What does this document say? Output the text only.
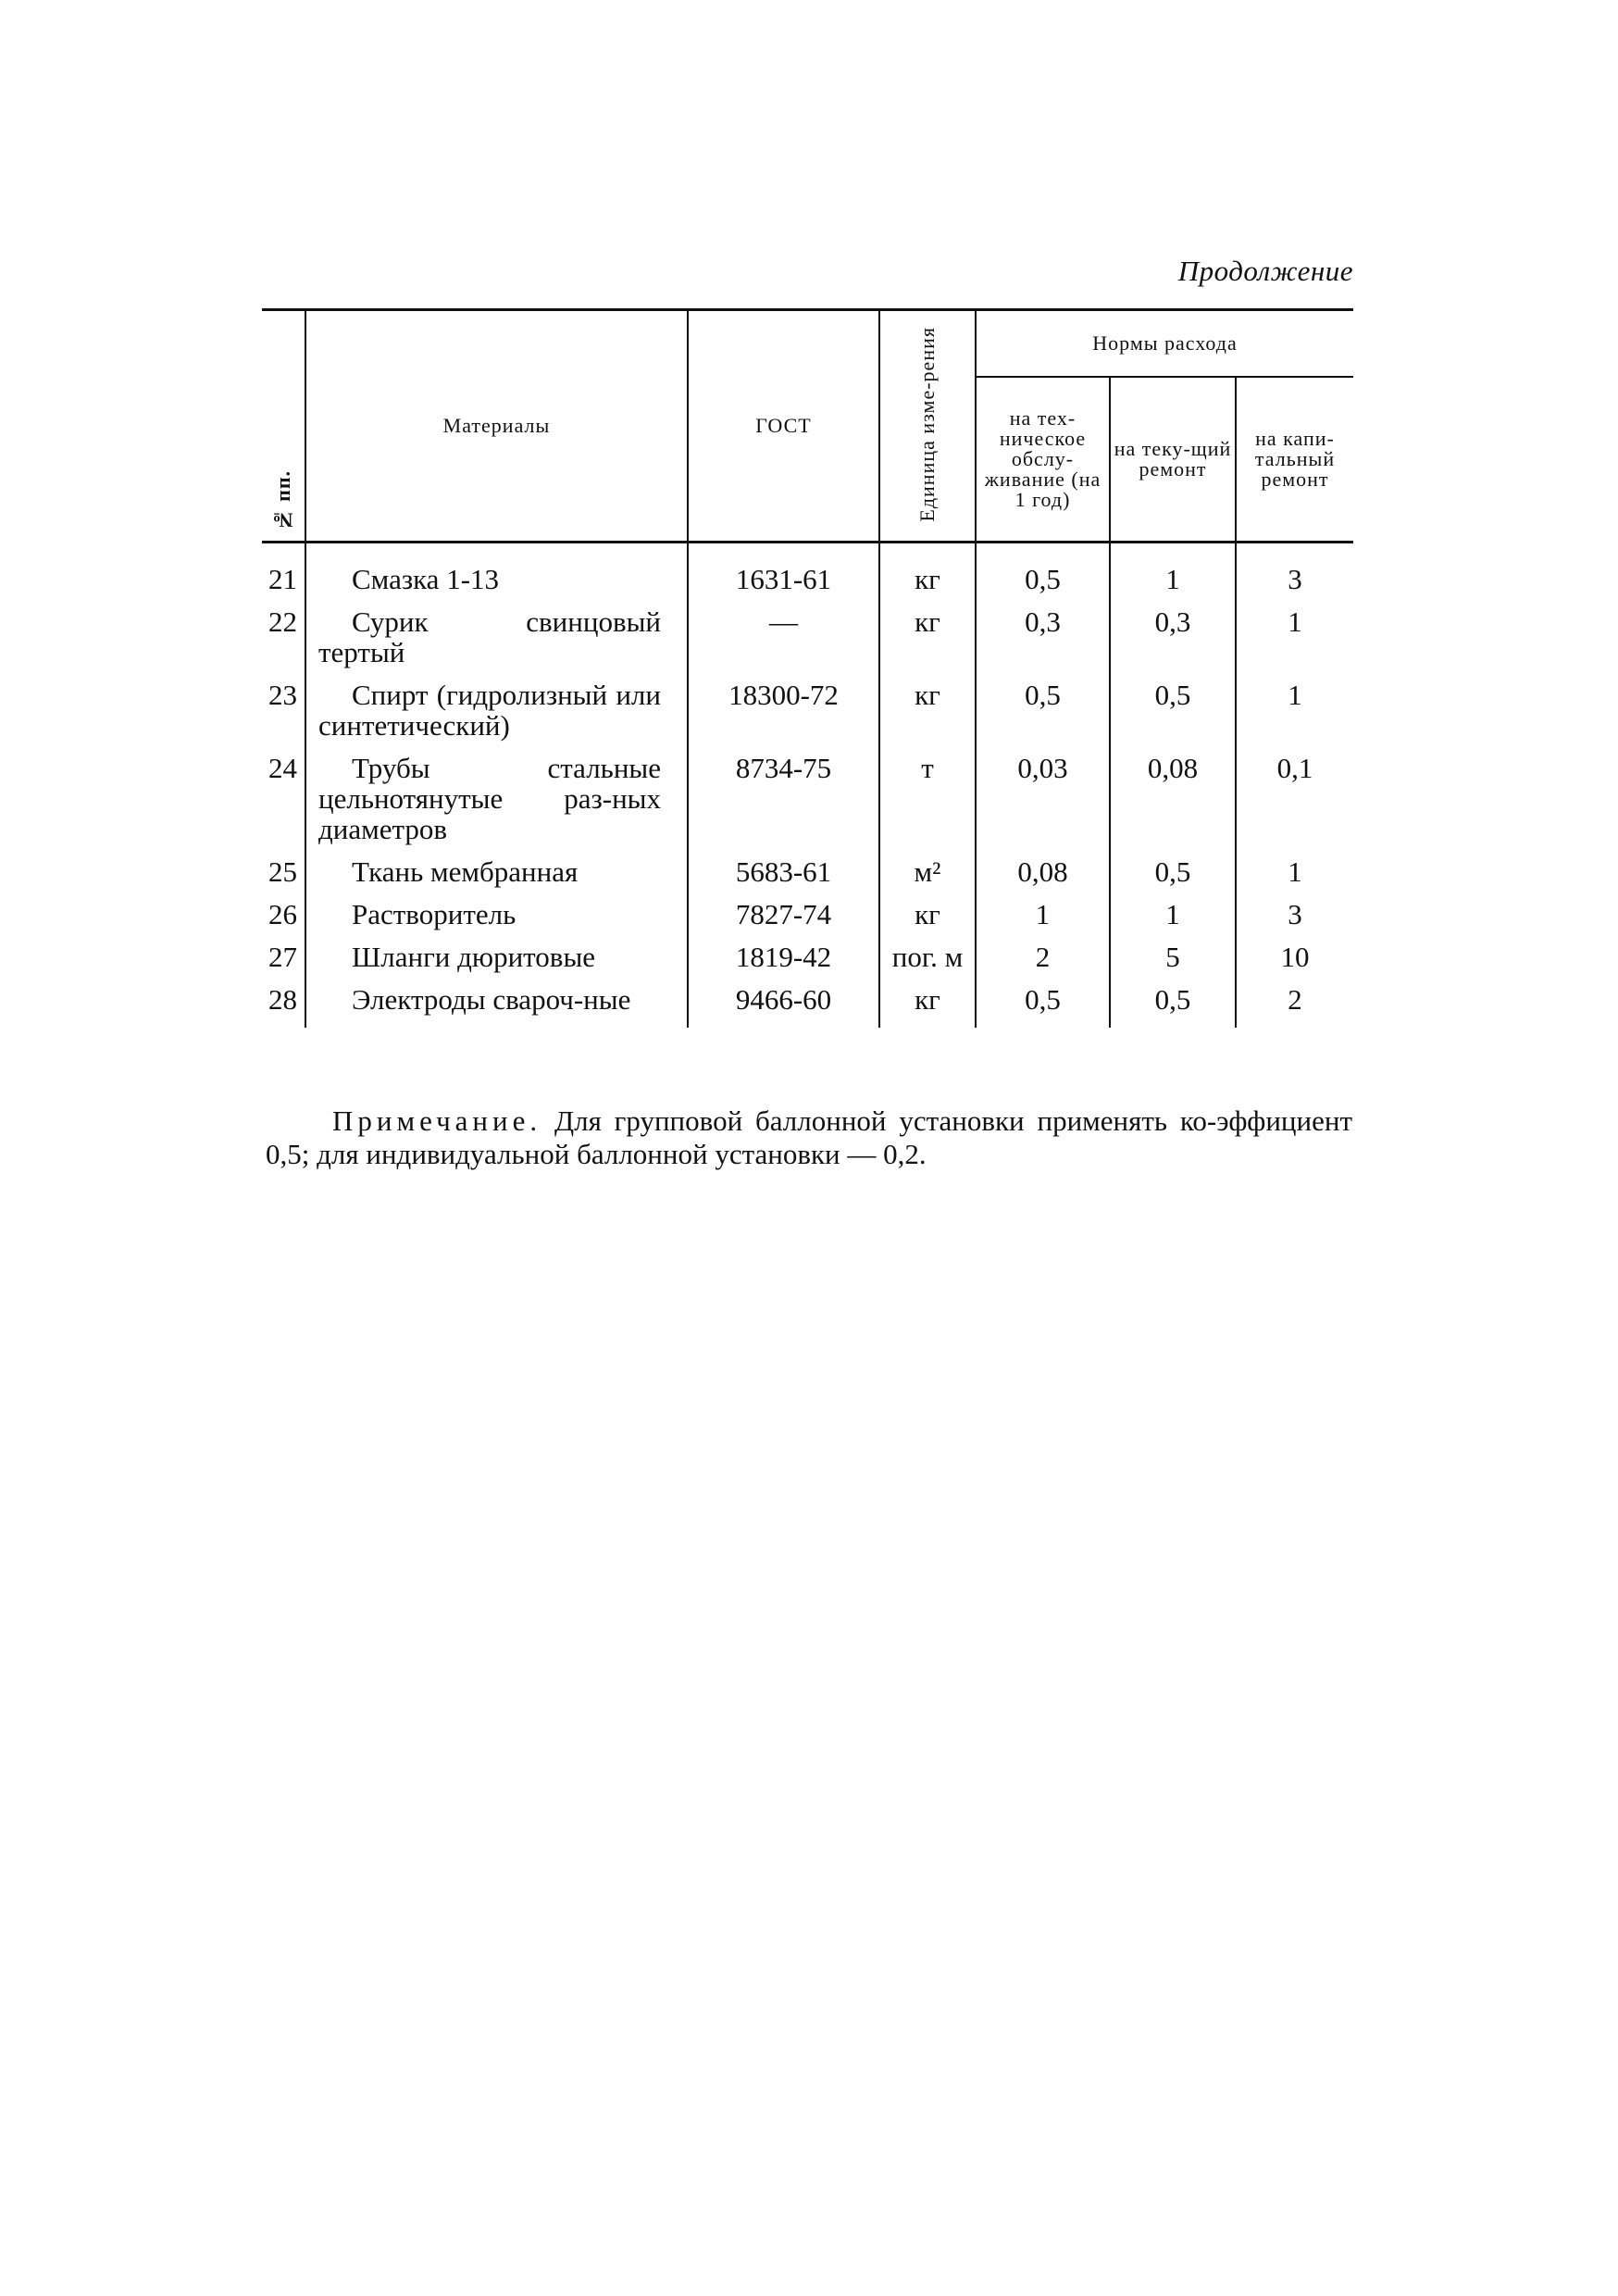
Продолжение
№ пп.	Материалы	ГОСТ	Единица изме-рения	Нормы расхода		
				на тех-ническое обслу-живание (на 1 год)	на теку-щий ремонт	на капи-тальный ремонт
21	Смазка 1-13	1631-61	кг	0,5	1	3
22	Сурик свинцовый тертый	—	кг	0,3	0,3	1
23	Спирт (гидролизный или синтетический)	18300-72	кг	0,5	0,5	1
24	Трубы стальные цельнотянутые раз-ных диаметров	8734-75	т	0,03	0,08	0,1
25	Ткань мембранная	5683-61	м²	0,08	0,5	1
26	Растворитель	7827-74	кг	1	1	3
27	Шланги дюритовые	1819-42	пог. м	2	5	10
28	Электроды свароч-ные	9466-60	кг	0,5	0,5	2
Примечание. Для групповой баллонной установки применять ко-эффициент 0,5; для индивидуальной баллонной установки — 0,2.
